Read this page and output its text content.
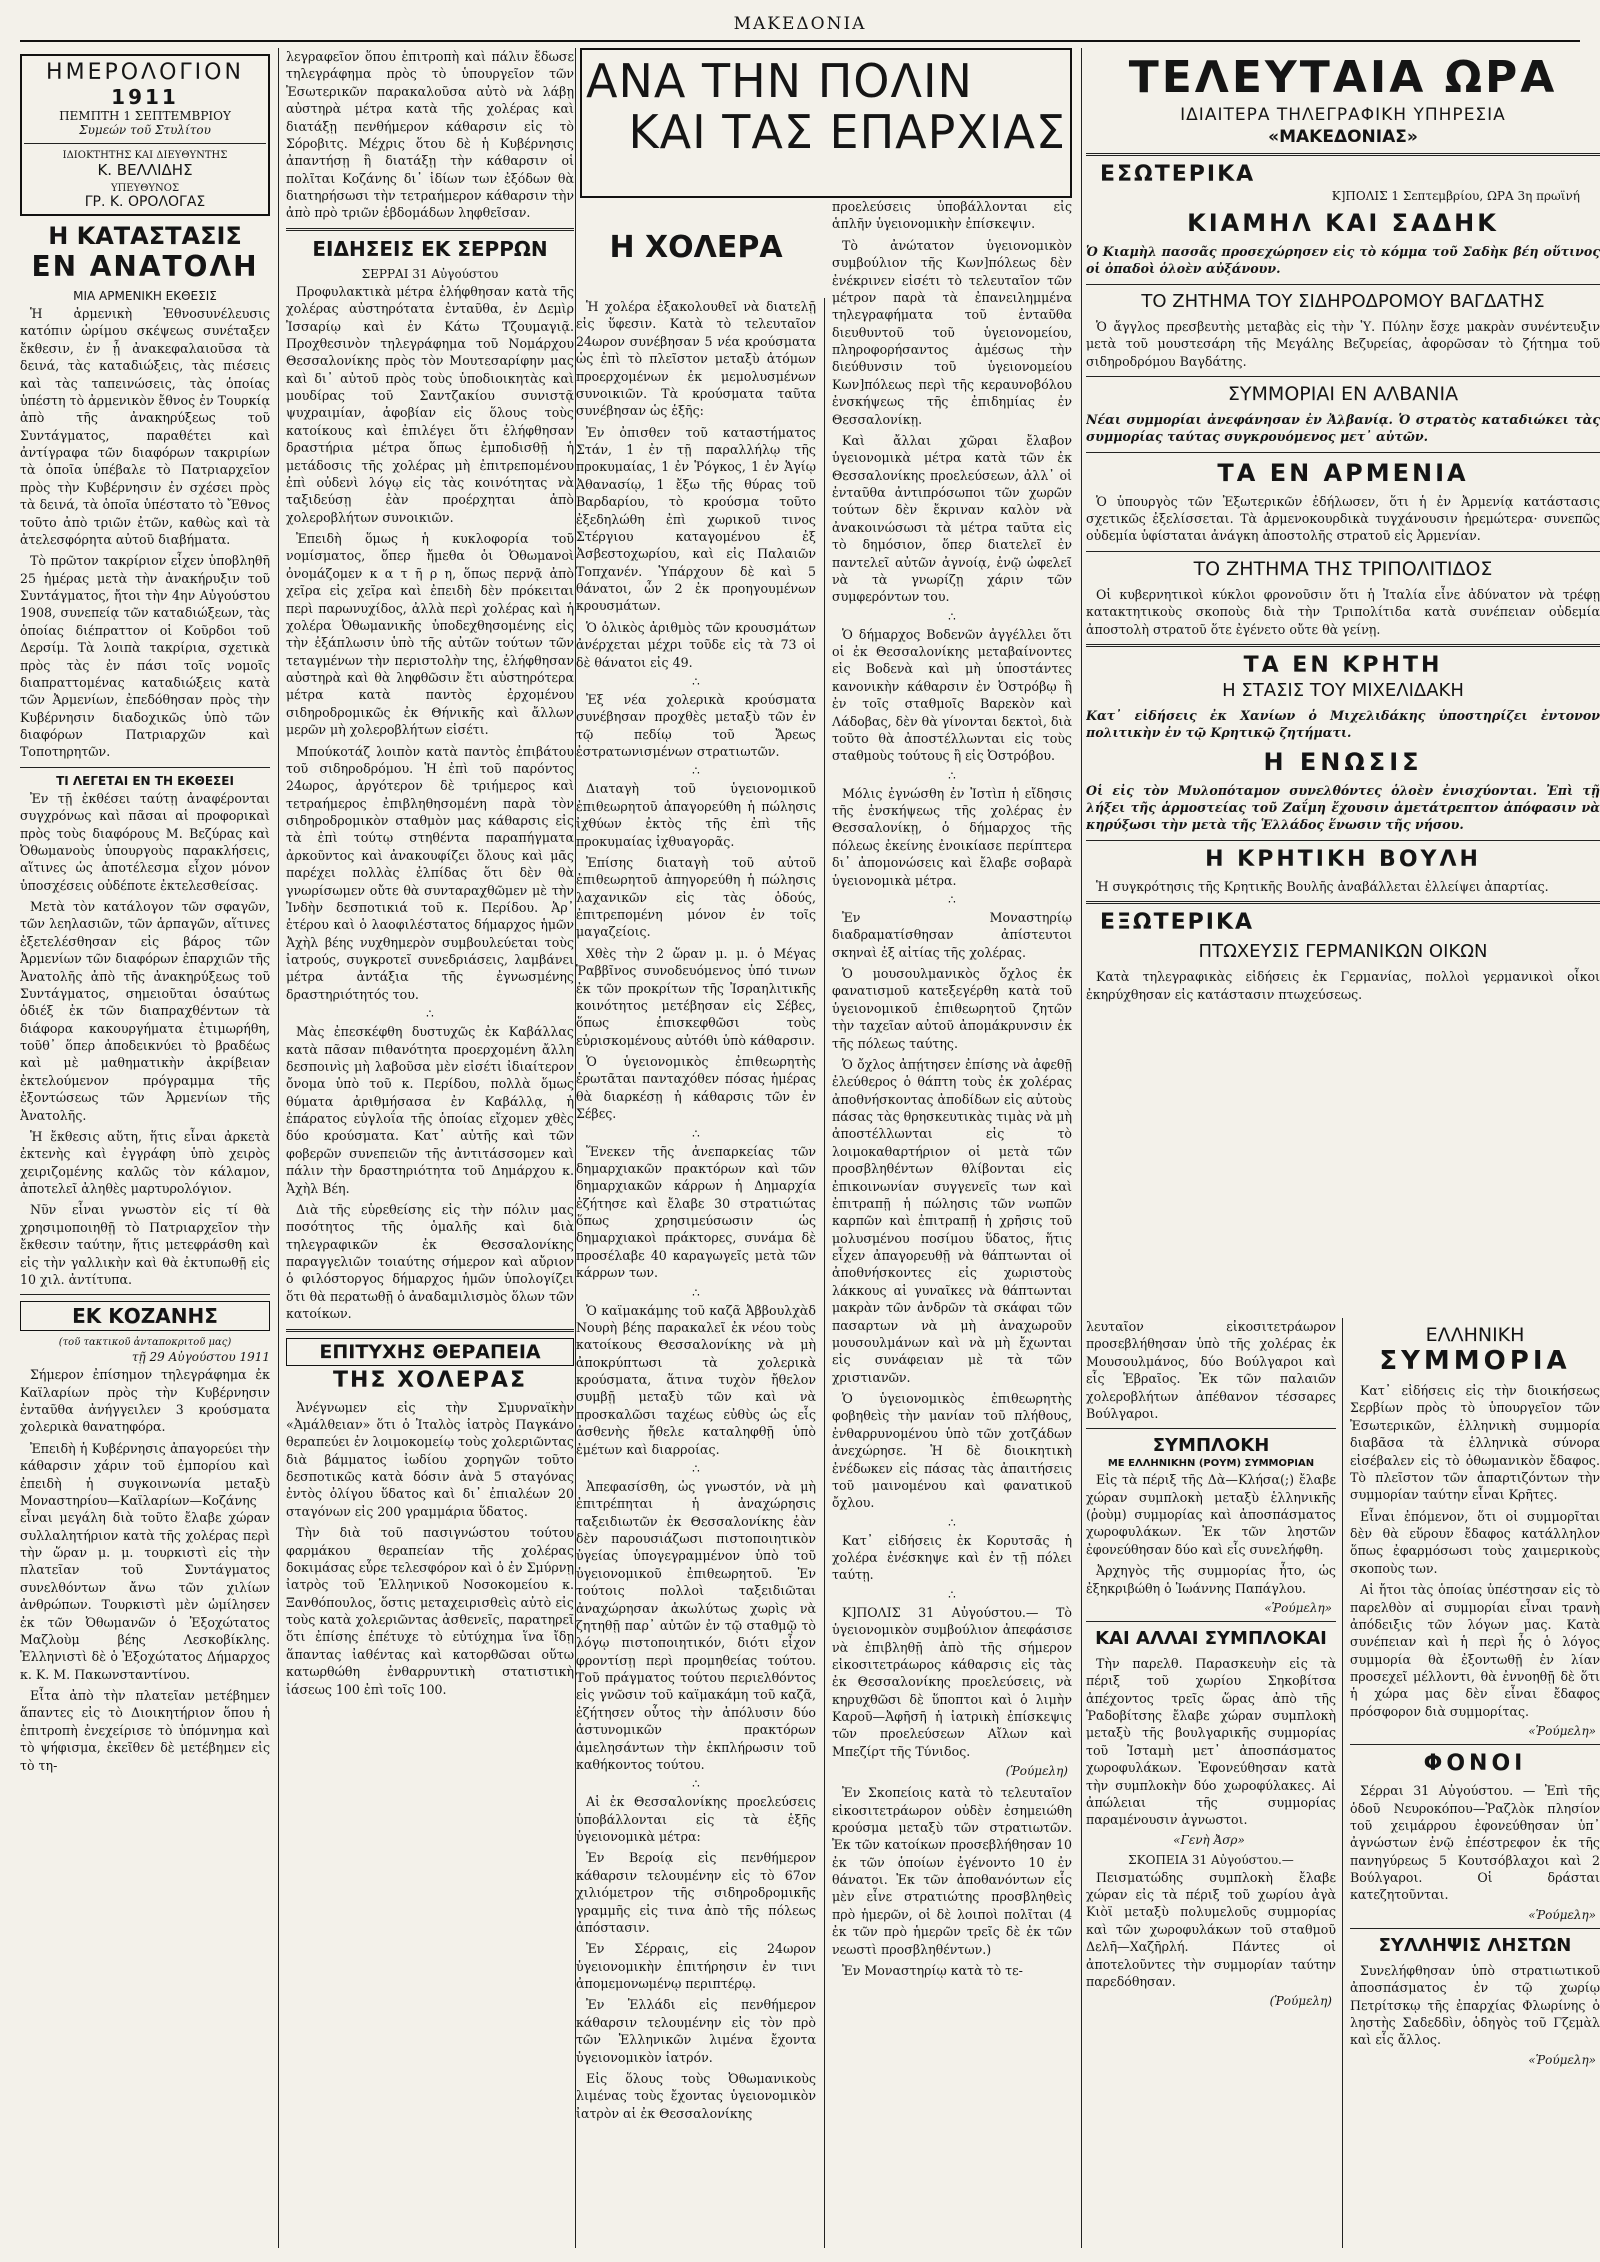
ΜΑΚΕΔΟΝΙΑ
ΗΜΕΡΟΛΟΓΙΟΝ
1911
ΠΕΜΠΤΗ 1 ΣΕΠΤΕΜΒΡΙΟΥ
Συμεών τοῦ Στυλίτου
ΙΔΙΟΚΤΗΤΗΣ ΚΑΙ ΔΙΕΥΘΥΝΤΗΣ
Κ. ΒΕΛΛΙΔΗΣ
ΥΠΕΥΘΥΝΟΣ
ΓΡ. Κ. ΟΡΟΛΟΓΑΣ
Η ΚΑΤΑΣΤΑΣΙΣ
ΕΝ ΑΝΑΤΟΛΗ
ΜΙΑ ΑΡΜΕΝΙΚΗ ΕΚΘΕΣΙΣ

Ἡ ἀρμενικὴ Ἐθνοσυνέλευσις κατόπιν ὡρίμου σκέψεως συνέταξεν ἔκθεσιν, ἐν ᾗ ἀνακεφαλαιοῦσα τὰ δεινά, τὰς καταδιώξεις, τὰς πιέσεις καὶ τὰς ταπεινώσεις, τὰς ὁποίας ὑπέστη τὸ ἀρμενικὸν ἔθνος ἐν Τουρκίᾳ ἀπὸ τῆς ἀνακηρύξεως τοῦ Συντάγματος, παραθέτει καὶ ἀντίγραφα τῶν διαφόρων τακριρίων τὰ ὁποῖα ὑπέβαλε τὸ Πατριαρχεῖον πρὸς τὴν Κυβέρνησιν ἐν σχέσει πρὸς τὰ δεινά, τὰ ὁποῖα ὑπέστατο τὸ Ἔθνος τοῦτο ἀπὸ τριῶν ἐτῶν, καθὼς καὶ τὰ ἀτελεσφόρητα αὐτοῦ διαβήματα.

Τὸ πρῶτον τακρίριον εἶχεν ὑποβληθῆ 25 ἡμέρας μετὰ τὴν ἀνακήρυξιν τοῦ Συντάγματος, ἤτοι τὴν 4ην Αὐγούστου 1908, συνεπείᾳ τῶν καταδιώξεων, τὰς ὁποίας διέπραττον οἱ Κοῦρδοι τοῦ Δερσίμ. Τὰ λοιπὰ τακρίρια, σχετικὰ πρὸς τὰς ἐν πάσι τοῖς νομοῖς διαπραττομένας καταδιώξεις κατὰ τῶν Ἀρμενίων, ἐπεδόθησαν πρὸς τὴν Κυβέρνησιν διαδοχικῶς ὑπὸ τῶν διαφόρων Πατριαρχῶν καὶ Τοποτηρητῶν.

ΤΙ ΛΕΓΕΤΑΙ ΕΝ ΤΗ ΕΚΘΕΣΕΙ

Ἐν τῇ ἐκθέσει ταύτῃ ἀναφέρονται συγχρόνως καὶ πᾶσαι αἱ προφορικαὶ πρὸς τοὺς διαφόρους Μ. Βεζύρας καὶ Ὀθωμανοὺς ὑπουργοὺς παρακλήσεις, αἵτινες ὡς ἀποτέλεσμα εἶχον μόνον ὑποσχέσεις οὐδέποτε ἐκτελεσθείσας.

Μετὰ τὸν κατάλογον τῶν σφαγῶν, τῶν λεηλασιῶν, τῶν ἁρπαγῶν, αἵτινες ἐξετελέσθησαν εἰς βάρος τῶν Ἀρμενίων τῶν διαφόρων ἐπαρχιῶν τῆς Ἀνατολῆς ἀπὸ τῆς ἀνακηρύξεως τοῦ Συντάγματος, σημειοῦται ὁσαύτως ὁδιέξ ἐκ τῶν διαπραχθέντων τὰ διάφορα κακουργήματα ἐτιμωρήθη, τοῦθ᾽ ὅπερ ἀποδεικνύει τὸ βραδέως καὶ μὲ μαθηματικὴν ἀκρίβειαν ἐκτελούμενον πρόγραμμα τῆς ἐξοντώσεως τῶν Ἀρμενίων τῆς Ἀνατολῆς.

Ἡ ἔκθεσις αὕτη, ἥτις εἶναι ἀρκετὰ ἐκτενὴς καὶ ἐγγράφη ὑπὸ χειρὸς χειριζομένης καλῶς τὸν κάλαμον, ἀποτελεῖ ἀληθὲς μαρτυρολόγιον.

Νῦν εἶναι γνωστὸν εἰς τί θὰ χρησιμοποιηθῇ τὸ Πατριαρχεῖον τὴν ἔκθεσιν ταύτην, ἥτις μετεφράσθη καὶ εἰς τὴν γαλλικὴν καὶ θὰ ἐκτυπωθῇ εἰς 10 χιλ. ἀντίτυπα.

ΕΚ ΚΟΖΑΝΗΣ
(τοῦ τακτικοῦ ἀνταποκριτοῦ μας)
τῇ 29 Αὐγούστου 1911

Σήμερον ἐπίσημον τηλεγράφημα ἐκ Καϊλαρίων πρὸς τὴν Κυβέρνησιν ἐνταῦθα ἀνήγγειλεν 3 κρούσματα χολερικὰ θανατηφόρα.

Ἐπειδὴ ἡ Κυβέρνησις ἀπαγορεύει τὴν κάθαρσιν χάριν τοῦ ἐμπορίου καὶ ἐπειδὴ ἡ συγκοινωνία μεταξὺ Μοναστηρίου—Καϊλαρίων—Κοζάνης εἶναι μεγάλη διὰ τοῦτο ἔλαβε χώραν συλλαλητήριον κατὰ τῆς χολέρας περὶ τὴν ὥραν μ. μ. τουρκιστὶ εἰς τὴν πλατεῖαν τοῦ Συντάγματος συνελθόντων ἄνω τῶν χιλίων ἀνθρώπων. Τουρκιστὶ μὲν ὡμίλησεν ἐκ τῶν Ὀθωμανῶν ὁ Ἐξοχώτατος Μαζλοὺμ βέης Λεσκοβίκλης. Ἑλληνιστὶ δὲ ὁ Ἐξοχώτατος Δήμαρχος κ. Κ. Μ. Πακωνσταντίνου.

Εἶτα ἀπὸ τὴν πλατεῖαν μετέβημεν ἅπαντες εἰς τὸ Διοικητήριον ὅπου ἡ ἐπιτροπὴ ἐνεχείρισε τὸ ὑπόμνημα καὶ τὸ ψήφισμα, ἐκεῖθεν δὲ μετέβημεν εἰς τὸ τη-

λεγραφεῖον ὅπου ἐπιτροπὴ καὶ πάλιν ἔδωσε τηλεγράφημα πρὸς τὸ ὑπουργεῖον τῶν Ἐσωτερικῶν παρακαλοῦσα αὐτὸ νὰ λάβῃ αὐστηρὰ μέτρα κατὰ τῆς χολέρας καὶ διατάξῃ πενθήμερον κάθαρσιν εἰς τὸ Σόροβιτς. Μέχρις ὅτου δὲ ἡ Κυβέρνησις ἀπαντήσῃ ἢ διατάξῃ τὴν κάθαρσιν οἱ πολῖται Κοζάνης δι᾽ ἰδίων των ἐξόδων θὰ διατηρήσωσι τὴν τετραήμερον κάθαρσιν τὴν ἀπὸ πρὸ τριῶν ἑβδομάδων ληφθεῖσαν.

ΕΙΔΗΣΕΙΣ ΕΚ ΣΕΡΡΩΝ
ΣΕΡΡΑΙ 31 Αὐγούστου

Προφυλακτικὰ μέτρα ἐλήφθησαν κατὰ τῆς χολέρας αὐστηρότατα ἐνταῦθα, ἐν Δεμὶρ Ἰσσαρίῳ καὶ ἐν Κάτω Τζουμαγιᾷ. Προχθεσινὸν τηλεγράφημα τοῦ Νομάρχου Θεσσαλονίκης πρὸς τὸν Μουτεσαρίφην μας καὶ δι᾽ αὐτοῦ πρὸς τοὺς ὑποδιοικητὰς καὶ μουδίρας τοῦ Σαντζακίου συνιστᾷ ψυχραιμίαν, ἀφοβίαν εἰς ὅλους τοὺς κατοίκους καὶ ἐπιλέγει ὅτι ἐλήφθησαν δραστήρια μέτρα ὅπως ἐμποδισθῇ ἡ μετάδοσις τῆς χολέρας μὴ ἐπιτρεπομένου ἐπὶ οὐδενὶ λόγῳ εἰς τὰς κοινότητας νὰ ταξιδεύσῃ ἐὰν προέρχηται ἀπὸ χολεροβλήτων συνοικιῶν.

Ἐπειδὴ ὅμως ἡ κυκλοφορία τοῦ νομίσματος, ὅπερ ἤμεθα ὁι Ὀθωμανοὶ ὀνομάζομεν κ α τ ῆ ρ η, ὅπως περνᾷ ἀπὸ χεῖρα εἰς χεῖρα καὶ ἐπειδὴ δὲν πρόκειται περὶ παρωνυχίδος, ἀλλὰ περὶ χολέρας καὶ ἡ χολέρα Ὀθωμανικῆς ὑποδεχθησομένης εἰς τὴν ἐξάπλωσιν ὑπὸ τῆς αὐτῶν τούτων τῶν τεταγμένων τὴν περιστολὴν της, ἐλήφθησαν αὐστηρὰ καὶ θὰ ληφθῶσιν ἔτι αὐστηρότερα μέτρα κατὰ παντὸς ἐρχομένου σιδηροδρομικῶς ἐκ Θήνικῆς καὶ ἄλλων μερῶν μὴ χολεροβλήτων εἰσέτι.

Μπούκοτάζ λοιπὸν κατὰ παντὸς ἐπιβάτου τοῦ σιδηροδρόμου. Ἡ ἐπὶ τοῦ παρόντος 24ωρος, ἀργότερον δὲ τριήμερος καὶ τετραήμερος ἐπιβληθησομένη παρὰ τὸν σιδηροδρομικὸν σταθμὸν μας κάθαρσις εἰς τὰ ἐπὶ τούτῳ στηθέντα παραπήγματα ἀρκοῦντος καὶ ἀνακουφίζει ὅλους καὶ μᾶς παρέχει πολλὰς ἐλπίδας ὅτι δὲν θὰ γνωρίσωμεν οὔτε θὰ συνταραχθῶμεν μὲ τὴν Ἰνδὴν δεσποτικιά τοῦ κ. Περίδου. Ἀρ᾽ ἑτέρου καὶ ὁ λαοφιλέστατος δήμαρχος ἡμῶν Ἀχὴλ βέης νυχθημερὸν συμβουλεύεται τοὺς ἰατρούς, συγκροτεῖ συνεδριάσεις, λαμβάνει μέτρα ἀντάξια τῆς ἐγνωσμένης δραστηριότητός του.

∴

Μὰς ἐπεσκέφθη δυστυχῶς ἐκ Καβάλλας κατὰ πᾶσαν πιθανότητα προερχομένη ἄλλη δεσποινὶς μὴ λαβοῦσα μὲν εἰσέτι ἰδιαίτερον ὄνομα ὑπὸ τοῦ κ. Περίδου, πολλὰ ὅμως θύματα ἀριθμήσασα ἐν Καβάλλᾳ, ἡ ἐπάρατος εὐγλοΐα τῆς ὁποίας εἴχομεν χθὲς δύο κρούσματα. Κατ᾽ αὐτῆς καὶ τῶν φοβερῶν συνεπειῶν τῆς ἀντιτάσσομεν καὶ πάλιν τὴν δραστηριότητα τοῦ Δημάρχου κ. Ἀχὴλ Βέη.

Διὰ τῆς εὑρεθείσης εἰς τὴν πόλιν μας ποσότητος τῆς ὁμαλῆς καὶ διὰ τηλεγραφικῶν ἐκ Θεσσαλονίκης παραγγελιῶν τοιαύτης σήμερον καὶ αὔριον ὁ φιλόστοργος δήμαρχος ἡμῶν ὑπολογίζει ὅτι θὰ περατωθῇ ὁ ἀναδαμιλισμὸς ὅλων τῶν κατοίκων.

ΕΠΙΤΥΧΗΣ ΘΕΡΑΠΕΙΑ
ΤΗΣ ΧΟΛΕΡΑΣ

Ἀνέγνωμεν εἰς τὴν Σμυρναϊκὴν «Ἀμάλθειαν» ὅτι ὁ Ἰταλὸς ἰατρὸς Παγκάνο θεραπεύει ἐν λοιμοκομείῳ τοὺς χολεριῶντας διὰ βάμματος ἰωδίου χορηγῶν τοῦτο δεσποτικῶς κατὰ δόσιν ἀνὰ 5 σταγόνας ἐντὸς ὀλίγου ὕδατος καὶ δι᾽ ἐπιαλέων 20 σταγόνων εἰς 200 γραμμάρια ὕδατος.

Τὴν διὰ τοῦ πασιγνώστου τούτου φαρμάκου θεραπείαν τῆς χολέρας δοκιμάσας εὗρε τελεσφόρον καὶ ὁ ἐν Σμύρνῃ ἰατρὸς τοῦ Ἑλληνικοῦ Νοσοκομείου κ. Ξανθόπουλος, ὅστις μεταχειρισθεὶς αὐτὸ εἰς τοὺς κατὰ χολεριῶντας ἀσθενεῖς, παρατηρεῖ ὅτι ἐπίσης ἐπέτυχε τὸ εὐτύχημα ἵνα ἴδῃ ἅπαντας ἰαθέντας καὶ κατορθῶσαι οὕτω κατωρθώθη ἐνθαρρυντικὴ στατιστικὴ ἰάσεως 100 ἐπὶ τοῖς 100.

ΑΝΑ ΤΗΝ ΠΟΛΙΝ
ΚΑΙ ΤΑΣ ΕΠΑΡΧΙΑΣ
Η ΧΟΛΕΡΑ

Ἡ χολέρα ἐξακολουθεῖ νὰ διατελῇ εἰς ὕφεσιν. Κατὰ τὸ τελευταῖον 24ωρον συνέβησαν 5 νέα κρούσματα ὡς ἐπὶ τὸ πλεῖστον μεταξὺ ἀτόμων προερχομένων ἐκ μεμολυσμένων συνοικιῶν. Τὰ κρούσματα ταῦτα συνέβησαν ὡς ἑξῆς:

Ἐν ὀπισθεν τοῦ καταστήματος Στάν, 1 ἐν τῇ παραλλήλῳ τῆς προκυμαίας, 1 ἐν Ῥόγκος, 1 ἐν Ἁγίῳ Ἀθανασίῳ, 1 ἔξω τῆς θύρας τοῦ Βαρδαρίου, τὸ κρούσμα τοῦτο ἐξεδηλώθη ἐπὶ χωρικοῦ τινος Στέργιου καταγομένου ἐξ Ἀσβεστοχωρίου, καὶ εἰς Παλαιῶν Τοπχανέν. Ὑπάρχουν δὲ καὶ 5 θάνατοι, ὧν 2 ἐκ προηγουμένων κρουσμάτων.

Ὁ ὁλικὸς ἀριθμὸς τῶν κρουσμάτων ἀνέρχεται μέχρι τοῦδε εἰς τὰ 73 οἱ δὲ θάνατοι εἰς 49.

∴

Ἐξ νέα χολερικὰ κρούσματα συνέβησαν προχθὲς μεταξὺ τῶν ἐν τῷ πεδίῳ τοῦ Ἄρεως ἐστρατωνισμένων στρατιωτῶν.

∴

Διαταγὴ τοῦ ὑγειονομικοῦ ἐπιθεωρητοῦ ἀπαγορεύθη ἡ πώλησις ἰχθύων ἐκτὸς τῆς ἐπὶ τῆς προκυμαίας ἰχθυαγορᾶς.

Ἐπίσης διαταγὴ τοῦ αὐτοῦ ἐπιθεωρητοῦ ἀπηγορεύθη ἡ πώλησις λαχανικῶν εἰς τὰς ὁδούς, ἐπιτρεπομένη μόνον ἐν τοῖς μαγαζείοις.

Χθὲς τὴν 2 ὥραν μ. μ. ὁ Μέγας Ῥαββῖνος συνοδευόμενος ὑπό τινων ἐκ τῶν προκρίτων τῆς Ἰσραηλιτικῆς κοινότητος μετέβησαν εἰς Σέβες, ὅπως ἐπισκεφθῶσι τοὺς εὑρισκομένους αὐτόθι ὑπὸ κάθαρσιν.

Ὁ ὑγειονομικὸς ἐπιθεωρητὴς ἐρωτᾶται πανταχόθεν πόσας ἡμέρας θὰ διαρκέσῃ ἡ κάθαρσις τῶν ἐν Σέβες.

∴

Ἕνεκεν τῆς ἀνεπαρκείας τῶν δημαρχιακῶν πρακτόρων καὶ τῶν δημαρχιακῶν κάρρων ἡ Δημαρχία ἐζήτησε καὶ ἔλαβε 30 στρατιώτας ὅπως χρησιμεύσωσιν ὡς δημαρχιακοὶ πράκτορες, συνάμα δὲ προσέλαβε 40 καραγωγεῖς μετὰ τῶν κάρρων των.

∴

Ὁ καϊμακάμης τοῦ καζᾶ Ἀββουλχὰδ Νουρὴ βέης παρακαλεῖ ἐκ νέου τοὺς κατοίκους Θεσσαλονίκης νὰ μὴ ἀποκρύπτωσι τὰ χολερικὰ κρούσματα, ἅτινα τυχὸν ἤθελον συμβῇ μεταξὺ τῶν καὶ νὰ προσκαλῶσι ταχέως εὐθὺς ὡς εἷς ἀσθενὴς ἤθελε καταληφθῇ ὑπὸ ἐμέτων καὶ διαρροίας.

∴

Ἀπεφασίσθη, ὡς γνωστόν, νὰ μὴ ἐπιτρέπηται ἡ ἀναχώρησις ταξειδιωτῶν ἐκ Θεσσαλονίκης ἐὰν δὲν παρουσιάζωσι πιστοποιητικὸν ὑγείας ὑπογεγραμμένον ὑπὸ τοῦ ὑγειονομικοῦ ἐπιθεωρητοῦ. Ἐν τούτοις πολλοὶ ταξειδιῶται ἀναχώρησαν ἀκωλύτως χωρὶς νὰ ζητηθῇ παρ᾽ αὐτῶν ἐν τῷ σταθμῷ τὸ λόγῳ πιστοποιητικόν, διότι εἶχον φροντίσῃ περὶ προμηθείας τούτου. Τοῦ πράγματος τούτου περιελθόντος εἰς γνῶσιν τοῦ καϊμακάμη τοῦ καζᾶ, ἐζήτησεν οὗτος τὴν ἀπόλυσιν δύο ἀστυνομικῶν πρακτόρων ἀμελησάντων τὴν ἐκπλήρωσιν τοῦ καθήκοντος τούτου.

∴

Αἱ ἐκ Θεσσαλονίκης προελεύσεις ὑποβάλλονται εἰς τὰ ἑξῆς ὑγειονομικὰ μέτρα:

Ἐν Βεροίᾳ εἰς πενθήμερον κάθαρσιν τελουμένην εἰς τὸ 67ον χιλιόμετρον τῆς σιδηροδρομικῆς γραμμῆς εἰς τινα ἀπὸ τῆς πόλεως ἀπόστασιν.

Ἐν Σέρραις, εἰς 24ωρον ὑγειονομικὴν ἐπιτήρησιν ἐν τινι ἀπομεμονωμένῳ περιπτέρῳ.

Ἐν Ἑλλάδι εἰς πενθήμερον κάθαρσιν τελουμένην εἰς τὸν πρὸ τῶν Ἑλληνικῶν λιμένα ἔχοντα ὑγειονομικὸν ἰατρόν.

Εἰς ὅλους τοὺς Ὀθωμανικοὺς λιμένας τοὺς ἔχοντας ὑγειονομικὸν ἰατρὸν αἱ ἐκ Θεσσαλονίκης

προελεύσεις ὑποβάλλονται εἰς ἁπλῆν ὑγειονομικὴν ἐπίσκεψιν.

Τὸ ἀνώτατον ὑγειονομικὸν συμβούλιον τῆς Κων]πόλεως δὲν ἐνέκρινεν εἰσέτι τὸ τελευταῖον τῶν μέτρον παρὰ τὰ ἐπανειλημμένα τηλεγραφήματα τοῦ ἐνταῦθα διευθυντοῦ τοῦ ὑγειονομείου, πληροφορήσαντος ἀμέσως τὴν διεύθυνσιν τοῦ ὑγειονομείου Κων]πόλεως περὶ τῆς κεραυνοβόλου ἐνσκήψεως τῆς ἐπιδημίας ἐν Θεσσαλονίκῃ.

Καὶ ἄλλαι χῶραι ἔλαβον ὑγειονομικὰ μέτρα κατὰ τῶν ἐκ Θεσσαλονίκης προελεύσεων, ἀλλ᾽ οἱ ἐνταῦθα ἀντιπρόσωποι τῶν χωρῶν τούτων δὲν ἔκριναν καλὸν νὰ ἀνακοινώσωσι τὰ μέτρα ταῦτα εἰς τὸ δημόσιον, ὅπερ διατελεῖ ἐν παντελεῖ αὐτῶν ἀγνοίᾳ, ἐνῷ ὠφελεῖ νὰ τὰ γνωρίζῃ χάριν τῶν συμφερόντων του.

∴

Ὁ δήμαρχος Βοδενῶν ἀγγέλλει ὅτι οἱ ἐκ Θεσσαλονίκης μεταβαίνοντες εἰς Βοδενὰ καὶ μὴ ὑποστάντες κανονικὴν κάθαρσιν ἐν Ὀστρόβῳ ἢ ἐν τοῖς σταθμοῖς Βαρεκὸν καὶ Λάδοβας, δὲν θὰ γίνονται δεκτοὶ, διὰ τοῦτο θὰ ἀποστέλλωνται εἰς τοὺς σταθμοὺς τούτους ἢ εἰς Ὀστρόβου.

∴

Μόλις ἐγνώσθη ἐν Ἰστὶπ ἡ εἴδησις τῆς ἐνσκήψεως τῆς χολέρας ἐν Θεσσαλονίκῃ, ὁ δήμαρχος τῆς πόλεως ἐκείνης ἐνοικίασε περίπτερα δι᾽ ἀπομονώσεις καὶ ἔλαβε σοβαρὰ ὑγειονομικὰ μέτρα.

∴

Ἐν Μοναστηρίῳ διαδραματίσθησαν ἀπίστευτοι σκηναὶ ἐξ αἰτίας τῆς χολέρας.

Ὁ μουσουλμανικὸς ὄχλος ἐκ φανατισμοῦ κατεξεγέρθη κατὰ τοῦ ὑγειονομικοῦ ἐπιθεωρητοῦ ζητῶν τὴν ταχεῖαν αὐτοῦ ἀπομάκρυνσιν ἐκ τῆς πόλεως ταύτης.

Ὁ ὄχλος ἀπῄτησεν ἐπίσης νὰ ἀφεθῇ ἐλεύθερος ὁ θάπτη τοὺς ἐκ χολέρας ἀποθνήσκοντας ἀποδίδων εἰς αὐτοὺς πάσας τὰς θρησκευτικὰς τιμὰς νὰ μὴ ἀποστέλλωνται εἰς τὸ λοιμοκαθαρτήριον οἱ μετὰ τῶν προσβληθέντων θλίβονται εἰς ἐπικοινωνίαν συγγενεῖς των καὶ ἐπιτραπῇ ἡ πώλησις τῶν νωπῶν καρπῶν καὶ ἐπιτραπῇ ἡ χρῆσις τοῦ μολυσμένου ποσίμου ὕδατος, ἥτις εἶχεν ἀπαγορευθῇ νὰ θάπτωνται οἱ ἀποθνήσκοντες εἰς χωριστοὺς λάκκους αἱ γυναῖκες νὰ θάπτωνται μακρὰν τῶν ἀνδρῶν τὰ σκάφαι τῶν πασαρτων νὰ μὴ ἀναχωροῦν μουσουλμάνων καὶ νὰ μὴ ἔχωνται εἰς συνάφειαν μὲ τὰ τῶν χριστιανῶν.

Ὁ ὑγειονομικὸς ἐπιθεωρητὴς φοβηθεὶς τὴν μανίαν τοῦ πλήθους, ἐνθαρρυνομένου ὑπὸ τῶν χοτζάδων ἀνεχώρησε. Ἡ δὲ διοικητικὴ ἐνέδωκεν εἰς πάσας τὰς ἀπαιτήσεις τοῦ μαινομένου καὶ φανατικοῦ ὄχλου.

∴

Κατ᾽ εἰδήσεις ἐκ Κορυτσᾶς ἡ χολέρα ἐνέσκηψε καὶ ἐν τῇ πόλει ταύτῃ.

∴

Κ]ΠΟΛΙΣ 31 Αὐγούστου.— Τὸ ὑγειονομικὸν συμβούλιον ἀπεφάσισε νὰ ἐπιβληθῇ ἀπὸ τῆς σήμερον εἰκοσιτετράωρος κάθαρσις εἰς τὰς ἐκ Θεσσαλονίκης προελεύσεις, νὰ κηρυχθῶσι δὲ ὕποπτοι καὶ ὁ λιμὴν Καροῦ—Ἀφῆσῆ ἡ ἰατρικὴ ἐπίσκεψις τῶν προελεύσεων Αἴλων καὶ Μπεζίρτ τῆς Τύνιδος.

(Ῥούμελη)

Ἐν Σκοπείοις κατὰ τὸ τελευταῖον εἰκοσιτετράωρον οὐδὲν ἐσημειώθη κρούσμα μεταξὺ τῶν στρατιωτῶν. Ἐκ τῶν κατοίκων προσεβλήθησαν 10 ἐκ τῶν ὁποίων ἐγένοντο 10 ἐν θάνατοι. Ἐκ τῶν ἀποθανόντων εἷς μὲν εἶνε στρατιώτης προσβληθεὶς πρὸ ἡμερῶν, οἱ δὲ λοιποὶ πολῖται (4 ἐκ τῶν πρὸ ἡμερῶν τρεῖς δὲ ἐκ τῶν νεωστὶ προσβληθέντων.)

Ἐν Μοναστηρίῳ κατὰ τὸ τε-

ΤΕΛΕΥΤΑΙΑ ΩΡΑ
ΙΔΙΑΙΤΕΡΑ ΤΗΛΕΓΡΑΦΙΚΗ ΥΠΗΡΕΣΙΑ
«ΜΑΚΕΔΟΝΙΑΣ»
ΕΣΩΤΕΡΙΚΑ
Κ]ΠΟΛΙΣ 1 Σεπτεμβρίου, ΩΡΑ 3η πρωϊνή
ΚΙΑΜΗΛ ΚΑΙ ΣΑΔΗΚ

Ὁ Κιαμὴλ πασσᾶς προσεχώρησεν εἰς τὸ κόμμα τοῦ Σαδὴκ βέη οὕτινος οἱ ὀπαδοὶ ὁλοὲν αὐξάνουν.

ΤΟ ΖΗΤΗΜΑ ΤΟΥ ΣΙΔΗΡΟΔΡΟΜΟΥ ΒΑΓΔΑΤΗΣ

Ὁ ἄγγλος πρεσβευτὴς μεταβὰς εἰς τὴν Ὑ. Πύλην ἔσχε μακρὰν συνέντευξιν μετὰ τοῦ μουστεσάρη τῆς Μεγάλης Βεζυρείας, ἀφορῶσαν τὸ ζήτημα τοῦ σιδηροδρόμου Βαγδάτης.

ΣΥΜΜΟΡΙΑΙ ΕΝ ΑΛΒΑΝΙΑ

Νέαι συμμορίαι ἀνεφάνησαν ἐν Ἀλβανίᾳ. Ὁ στρατὸς καταδιώκει τὰς συμμορίας ταύτας συγκρουόμενος μετ᾽ αὐτῶν.

ΤΑ ΕΝ ΑΡΜΕΝΙΑ

Ὁ ὑπουργὸς τῶν Ἐξωτερικῶν ἐδήλωσεν, ὅτι ἡ ἐν Ἀρμενίᾳ κατάστασις σχετικῶς ἐξελίσσεται. Τὰ ἀρμενοκουρδικὰ τυγχάνουσιν ἠρεμώτερα· συνεπῶς οὐδεμία ὑφίσταται ἀνάγκη ἀποστολῆς στρατοῦ εἰς Ἀρμενίαν.

ΤΟ ΖΗΤΗΜΑ ΤΗΣ ΤΡΙΠΟΛΙΤΙΔΟΣ

Οἱ κυβερνητικοὶ κύκλοι φρονοῦσιν ὅτι ἡ Ἰταλία εἶνε ἀδύνατον νὰ τρέφῃ κατακτητικοὺς σκοποὺς διὰ τὴν Τριπολίτιδα κατὰ συνέπειαν οὐδεμία ἀποστολὴ στρατοῦ ὅτε ἐγένετο οὔτε θὰ γείνῃ.

ΤΑ ΕΝ ΚΡΗΤΗ
Η ΣΤΑΣΙΣ ΤΟΥ ΜΙΧΕΛΙΔΑΚΗ

Κατ᾽ εἰδήσεις ἐκ Χανίων ὁ Μιχελιδάκης ὑποστηρίζει ἐντονον πολιτικὴν ἐν τῷ Κρητικῷ ζητήματι.

Η ΕΝΩΣΙΣ

Οἱ εἰς τὸν Μυλοπόταμον συνελθόντες ὁλοὲν ἐνισχύονται. Ἐπὶ τῇ λήξει τῆς ἁρμοστείας τοῦ Ζαΐμη ἔχουσιν ἀμετάτρεπτον ἀπόφασιν νὰ κηρύξωσι τὴν μετὰ τῆς Ἑλλάδος ἕνωσιν τῆς νήσου.

Η ΚΡΗΤΙΚΗ ΒΟΥΛΗ

Ἡ συγκρότησις τῆς Κρητικῆς Βουλῆς ἀναβάλλεται ἐλλείψει ἀπαρτίας.

ΕΞΩΤΕΡΙΚΑ
ΠΤΩΧΕΥΣΙΣ ΓΕΡΜΑΝΙΚΩΝ ΟΙΚΩΝ

Κατὰ τηλεγραφικὰς εἰδήσεις ἐκ Γερμανίας, πολλοὶ γερμανικοὶ οἶκοι ἐκηρύχθησαν εἰς κατάστασιν πτωχεύσεως.

λευταῖον εἰκοσιτετράωρον προσεβλήθησαν ὑπὸ τῆς χολέρας ἐκ Μουσουλμάνος, δύο Βούλγαροι καὶ εἷς Ἑβραῖος. Ἐκ τῶν παλαιῶν χολεροβλήτων ἀπέθανον τέσσαρες Βούλγαροι.

ΣΥΜΠΛΟΚΗ
ΜΕ ΕΛΛΗΝΙΚΗΝ (ΡΟΥΜ) ΣΥΜΜΟΡΙΑΝ

Εἰς τὰ πέριξ τῆς Δὰ—Κλήσα(;) ἔλαβε χώραν συμπλοκὴ μεταξὺ ἑλληνικῆς (ῥοὺμ) συμμορίας καὶ ἀποσπάσματος χωροφυλάκων. Ἐκ τῶν ληστῶν ἐφονεύθησαν δύο καὶ εἷς συνελήφθη.

Ἀρχηγὸς τῆς συμμορίας ἦτο, ὡς ἐξηκριβώθη ὁ Ἰωάννης Παπάγλου.

«Ῥούμελη»
ΚΑΙ ΑΛΛΑΙ ΣΥΜΠΛΟΚΑΙ

Τὴν παρελθ. Παρασκευὴν εἰς τὰ πέριξ τοῦ χωρίου Σηκοβίτσα ἀπέχοντος τρεῖς ὥρας ἀπὸ τῆς Ῥαδοβίτσης ἔλαβε χώραν συμπλοκὴ μεταξὺ τῆς βουλγαρικῆς συμμορίας τοῦ Ἰσταμὴ μετ᾽ ἀποσπάσματος χωροφυλάκων. Ἐφονεύθησαν κατὰ τὴν συμπλοκὴν δύο χωροφύλακες. Αἱ ἀπώλειαι τῆς συμμορίας παραμένουσιν ἀγνωστοι.

«Γενὴ Ἀσρ»
ΣΚΟΠΕΙΑ 31 Αὐγούστου.—

Πεισματώδης συμπλοκὴ ἔλαβε χώραν εἰς τὰ πέριξ τοῦ χωρίου ἀγὰ Κιὸϊ μεταξὺ πολυμελοῦς συμμορίας καὶ τῶν χωροφυλάκων τοῦ σταθμοῦ Δελῆ—Χαζῆρλή. Πάντες οἱ ἀποτελοῦντες τὴν συμμορίαν ταύτην παρεδόθησαν.

(Ῥούμελη)
ΕΛΛΗΝΙΚΗ
ΣΥΜΜΟΡΙΑ

Κατ᾽ εἰδήσεις εἰς τὴν διοικήσεως Σερβίων πρὸς τὸ ὑπουργεῖον τῶν Ἐσωτερικῶν, ἑλληνικὴ συμμορία διαβᾶσα τὰ ἑλληνικὰ σύνορα εἰσέβαλεν εἰς τὸ ὀθωμανικὸν ἔδαφος. Τὸ πλεῖστον τῶν ἀπαρτιζόντων τὴν συμμορίαν ταύτην εἶναι Κρῆτες.

Εἶναι ἐπόμενον, ὅτι οἱ συμμορῖται δὲν θὰ εὕρουν ἔδαφος κατάλληλον ὅπως ἐφαρμόσωσι τοὺς χαιμερικοὺς σκοποὺς των.

Αἱ ἤτοι τὰς ὁποίας ὑπέστησαν εἰς τὸ παρελθὸν αἱ συμμορίαι εἶναι τρανὴ ἀπόδειξις τῶν λόγων μας. Κατὰ συνέπειαν καὶ ἡ περὶ ἧς ὁ λόγος συμμορία θὰ ἐξοντωθῇ ἐν λίαν προσεχεῖ μέλλοντι, θὰ ἐννοηθῇ δὲ ὅτι ἡ χώρα μας δὲν εἶναι ἔδαφος πρόσφορον διὰ συμμορίτας.

«Ῥούμελη»
ΦΟΝΟΙ

Σέρραι 31 Αὐγούστου. — Ἐπὶ τῆς ὁδοῦ Νευροκόπου—Ῥαζλὸκ πλησίον τοῦ χειμάρρου ἐφονεύθησαν ὑπ᾽ ἀγνώστων ἐνῷ ἐπέστρεφον ἐκ τῆς πανηγύρεως 5 Κουτσόβλαχοι καὶ 2 Βούλγαροι. Οἱ δράσται κατεζητοῦνται.

«Ῥούμελη»
ΣΥΛΛΗΨΙΣ ΛΗΣΤΩΝ

Συνελήφθησαν ὑπὸ στρατιωτικοῦ ἀποσπάσματος ἐν τῷ χωρίῳ Πετρίτσκῳ τῆς ἐπαρχίας Φλωρίνης ὁ ληστὴς Σαδεδδὶν, ὁδηγὸς τοῦ Γζεμὰλ καὶ εἷς ἄλλος.

«Ῥούμελη»
